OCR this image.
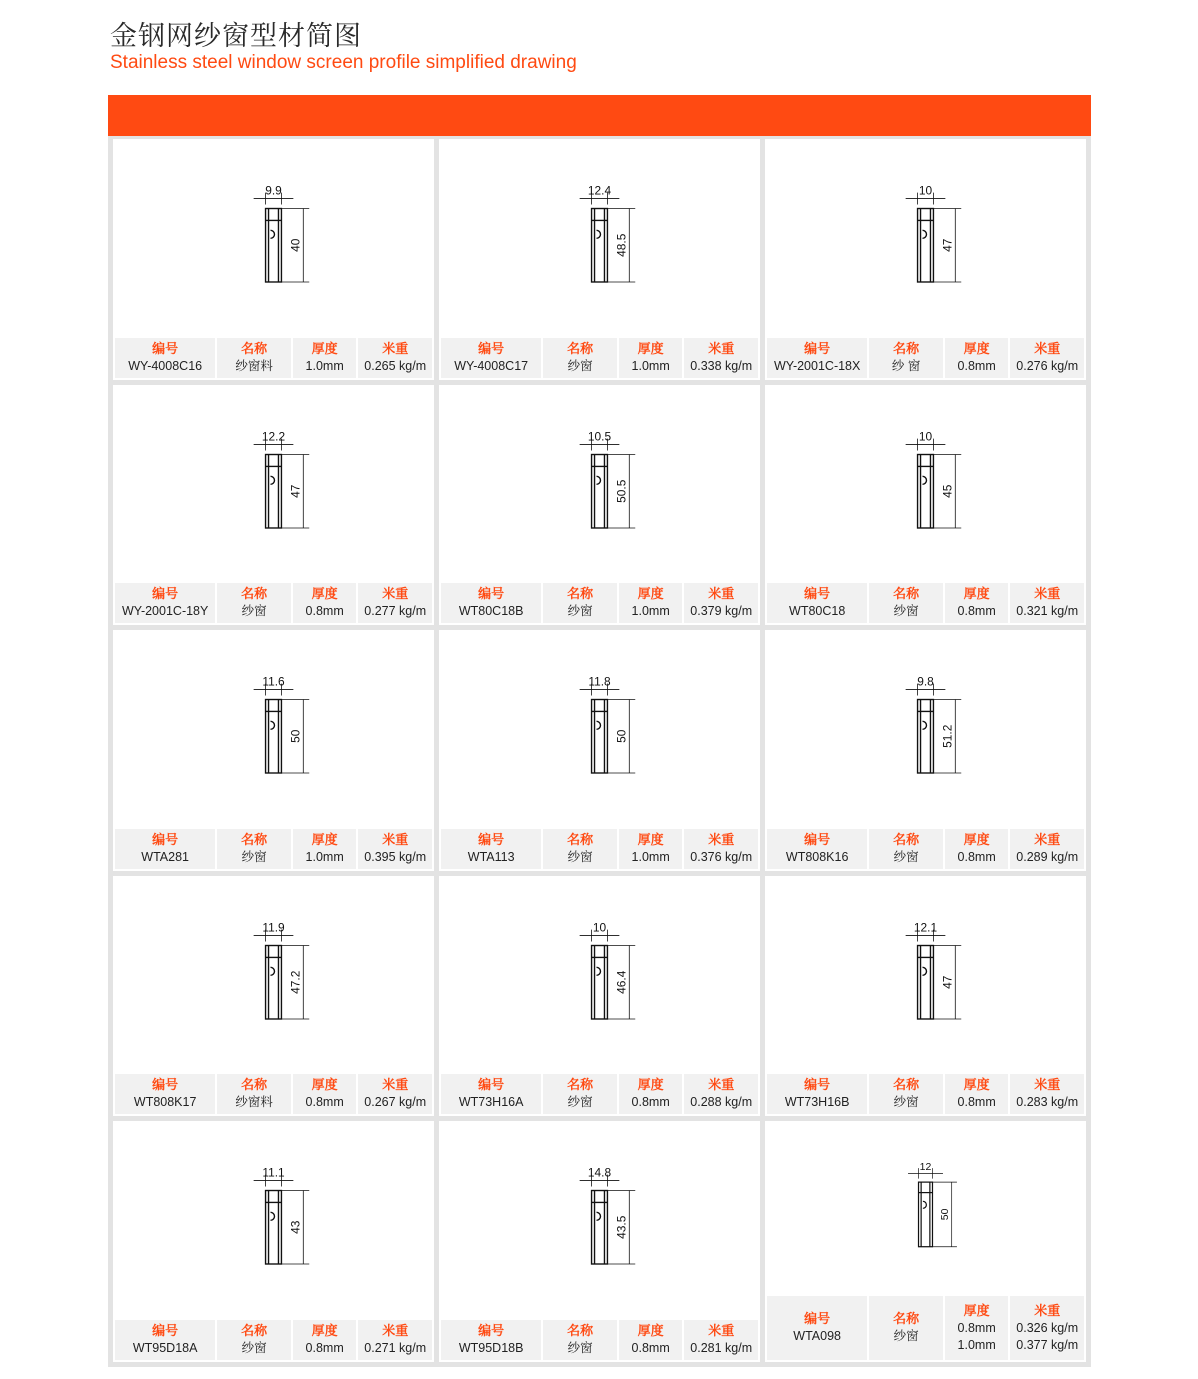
金钢网纱窗型材简图
Stainless steel window screen profile simplified drawing
9.9
40
编号
WY-4008C16
名称
纱窗料
厚度
1.0mm
米重
0.265 kg/m
12.4
48.5
编号
WY-4008C17
名称
纱窗
厚度
1.0mm
米重
0.338 kg/m
10
47
编号
WY-2001C-18X
名称
纱 窗
厚度
0.8mm
米重
0.276 kg/m
12.2
47
编号
WY-2001C-18Y
名称
纱窗
厚度
0.8mm
米重
0.277 kg/m
10.5
50.5
编号
WT80C18B
名称
纱窗
厚度
1.0mm
米重
0.379 kg/m
10
45
编号
WT80C18
名称
纱窗
厚度
0.8mm
米重
0.321 kg/m
11.6
50
编号
WTA281
名称
纱窗
厚度
1.0mm
米重
0.395 kg/m
11.8
50
编号
WTA113
名称
纱窗
厚度
1.0mm
米重
0.376 kg/m
9.8
51.2
编号
WT808K16
名称
纱窗
厚度
0.8mm
米重
0.289 kg/m
11.9
47.2
编号
WT808K17
名称
纱窗料
厚度
0.8mm
米重
0.267 kg/m
10
46.4
编号
WT73H16A
名称
纱窗
厚度
0.8mm
米重
0.288 kg/m
12.1
47
编号
WT73H16B
名称
纱窗
厚度
0.8mm
米重
0.283 kg/m
11.1
43
编号
WT95D18A
名称
纱窗
厚度
0.8mm
米重
0.271 kg/m
14.8
43.5
编号
WT95D18B
名称
纱窗
厚度
0.8mm
米重
0.281 kg/m
12
50
编号
WTA098
名称
纱窗
厚度
0.8mm
1.0mm
米重
0.326 kg/m
0.377 kg/m
